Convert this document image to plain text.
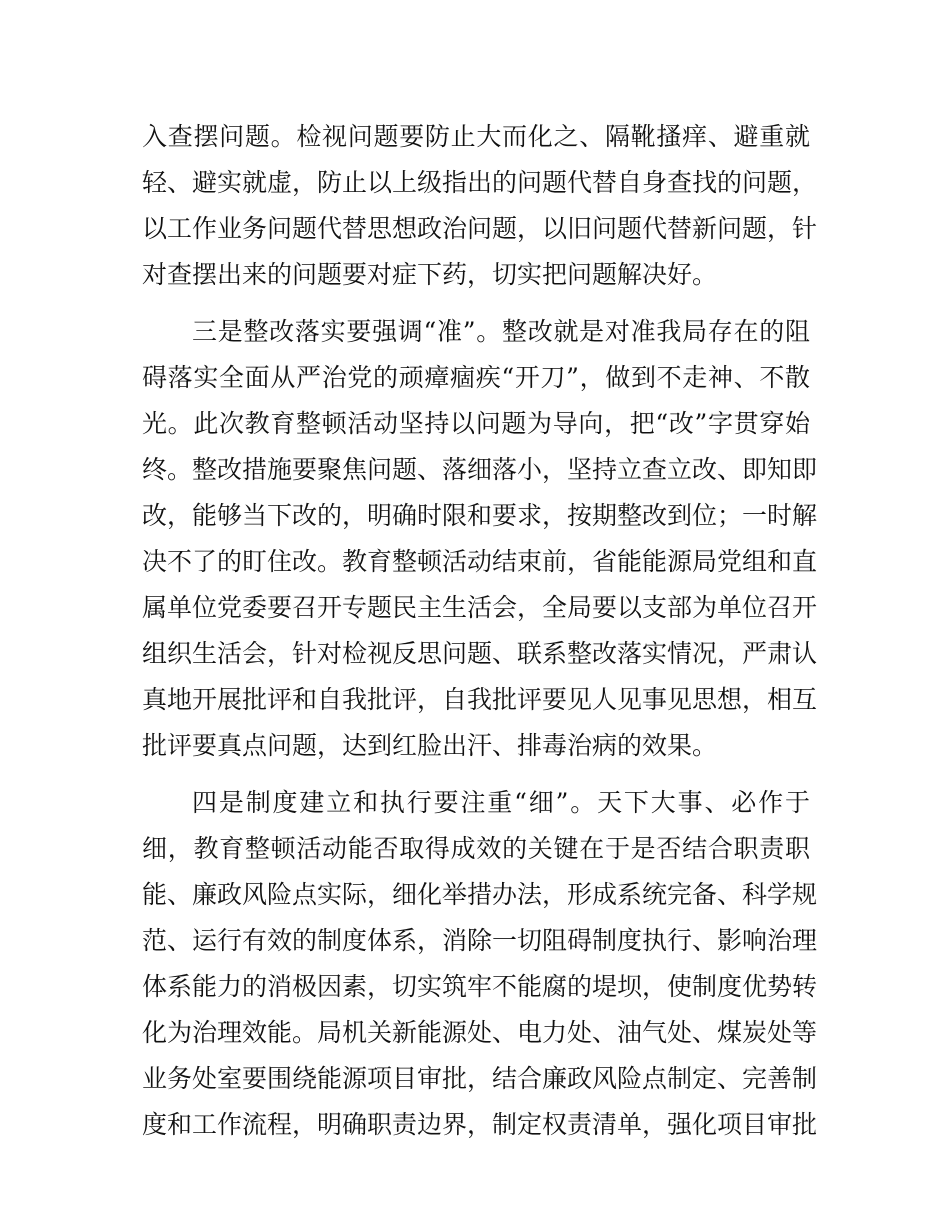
入查摆问题。检视问题要防止大而化之、隔靴搔痒、避重就
轻、避实就虚，防止以上级指出的问题代替自身查找的问题，
以工作业务问题代替思想政治问题，以旧问题代替新问题，针
对查摆出来的问题要对症下药，切实把问题解决好。
三是整改落实要强调“准”。整改就是对准我局存在的阻
碍落实全面从严治党的顽瘴痼疾“开刀”，做到不走神、不散
光。此次教育整顿活动坚持以问题为导向，把“改”字贯穿始
终。整改措施要聚焦问题、落细落小，坚持立查立改、即知即
改，能够当下改的，明确时限和要求，按期整改到位；一时解
决不了的盯住改。教育整顿活动结束前，省能能源局党组和直
属单位党委要召开专题民主生活会，全局要以支部为单位召开
组织生活会，针对检视反思问题、联系整改落实情况，严肃认
真地开展批评和自我批评，自我批评要见人见事见思想，相互
批评要真点问题，达到红脸出汗、排毒治病的效果。
四是制度建立和执行要注重“细”。天下大事、必作于
细，教育整顿活动能否取得成效的关键在于是否结合职责职
能、廉政风险点实际，细化举措办法，形成系统完备、科学规
范、运行有效的制度体系，消除一切阻碍制度执行、影响治理
体系能力的消极因素，切实筑牢不能腐的堤坝，使制度优势转
化为治理效能。局机关新能源处、电力处、油气处、煤炭处等
业务处室要围绕能源项目审批，结合廉政风险点制定、完善制
度和工作流程，明确职责边界，制定权责清单，强化项目审批
